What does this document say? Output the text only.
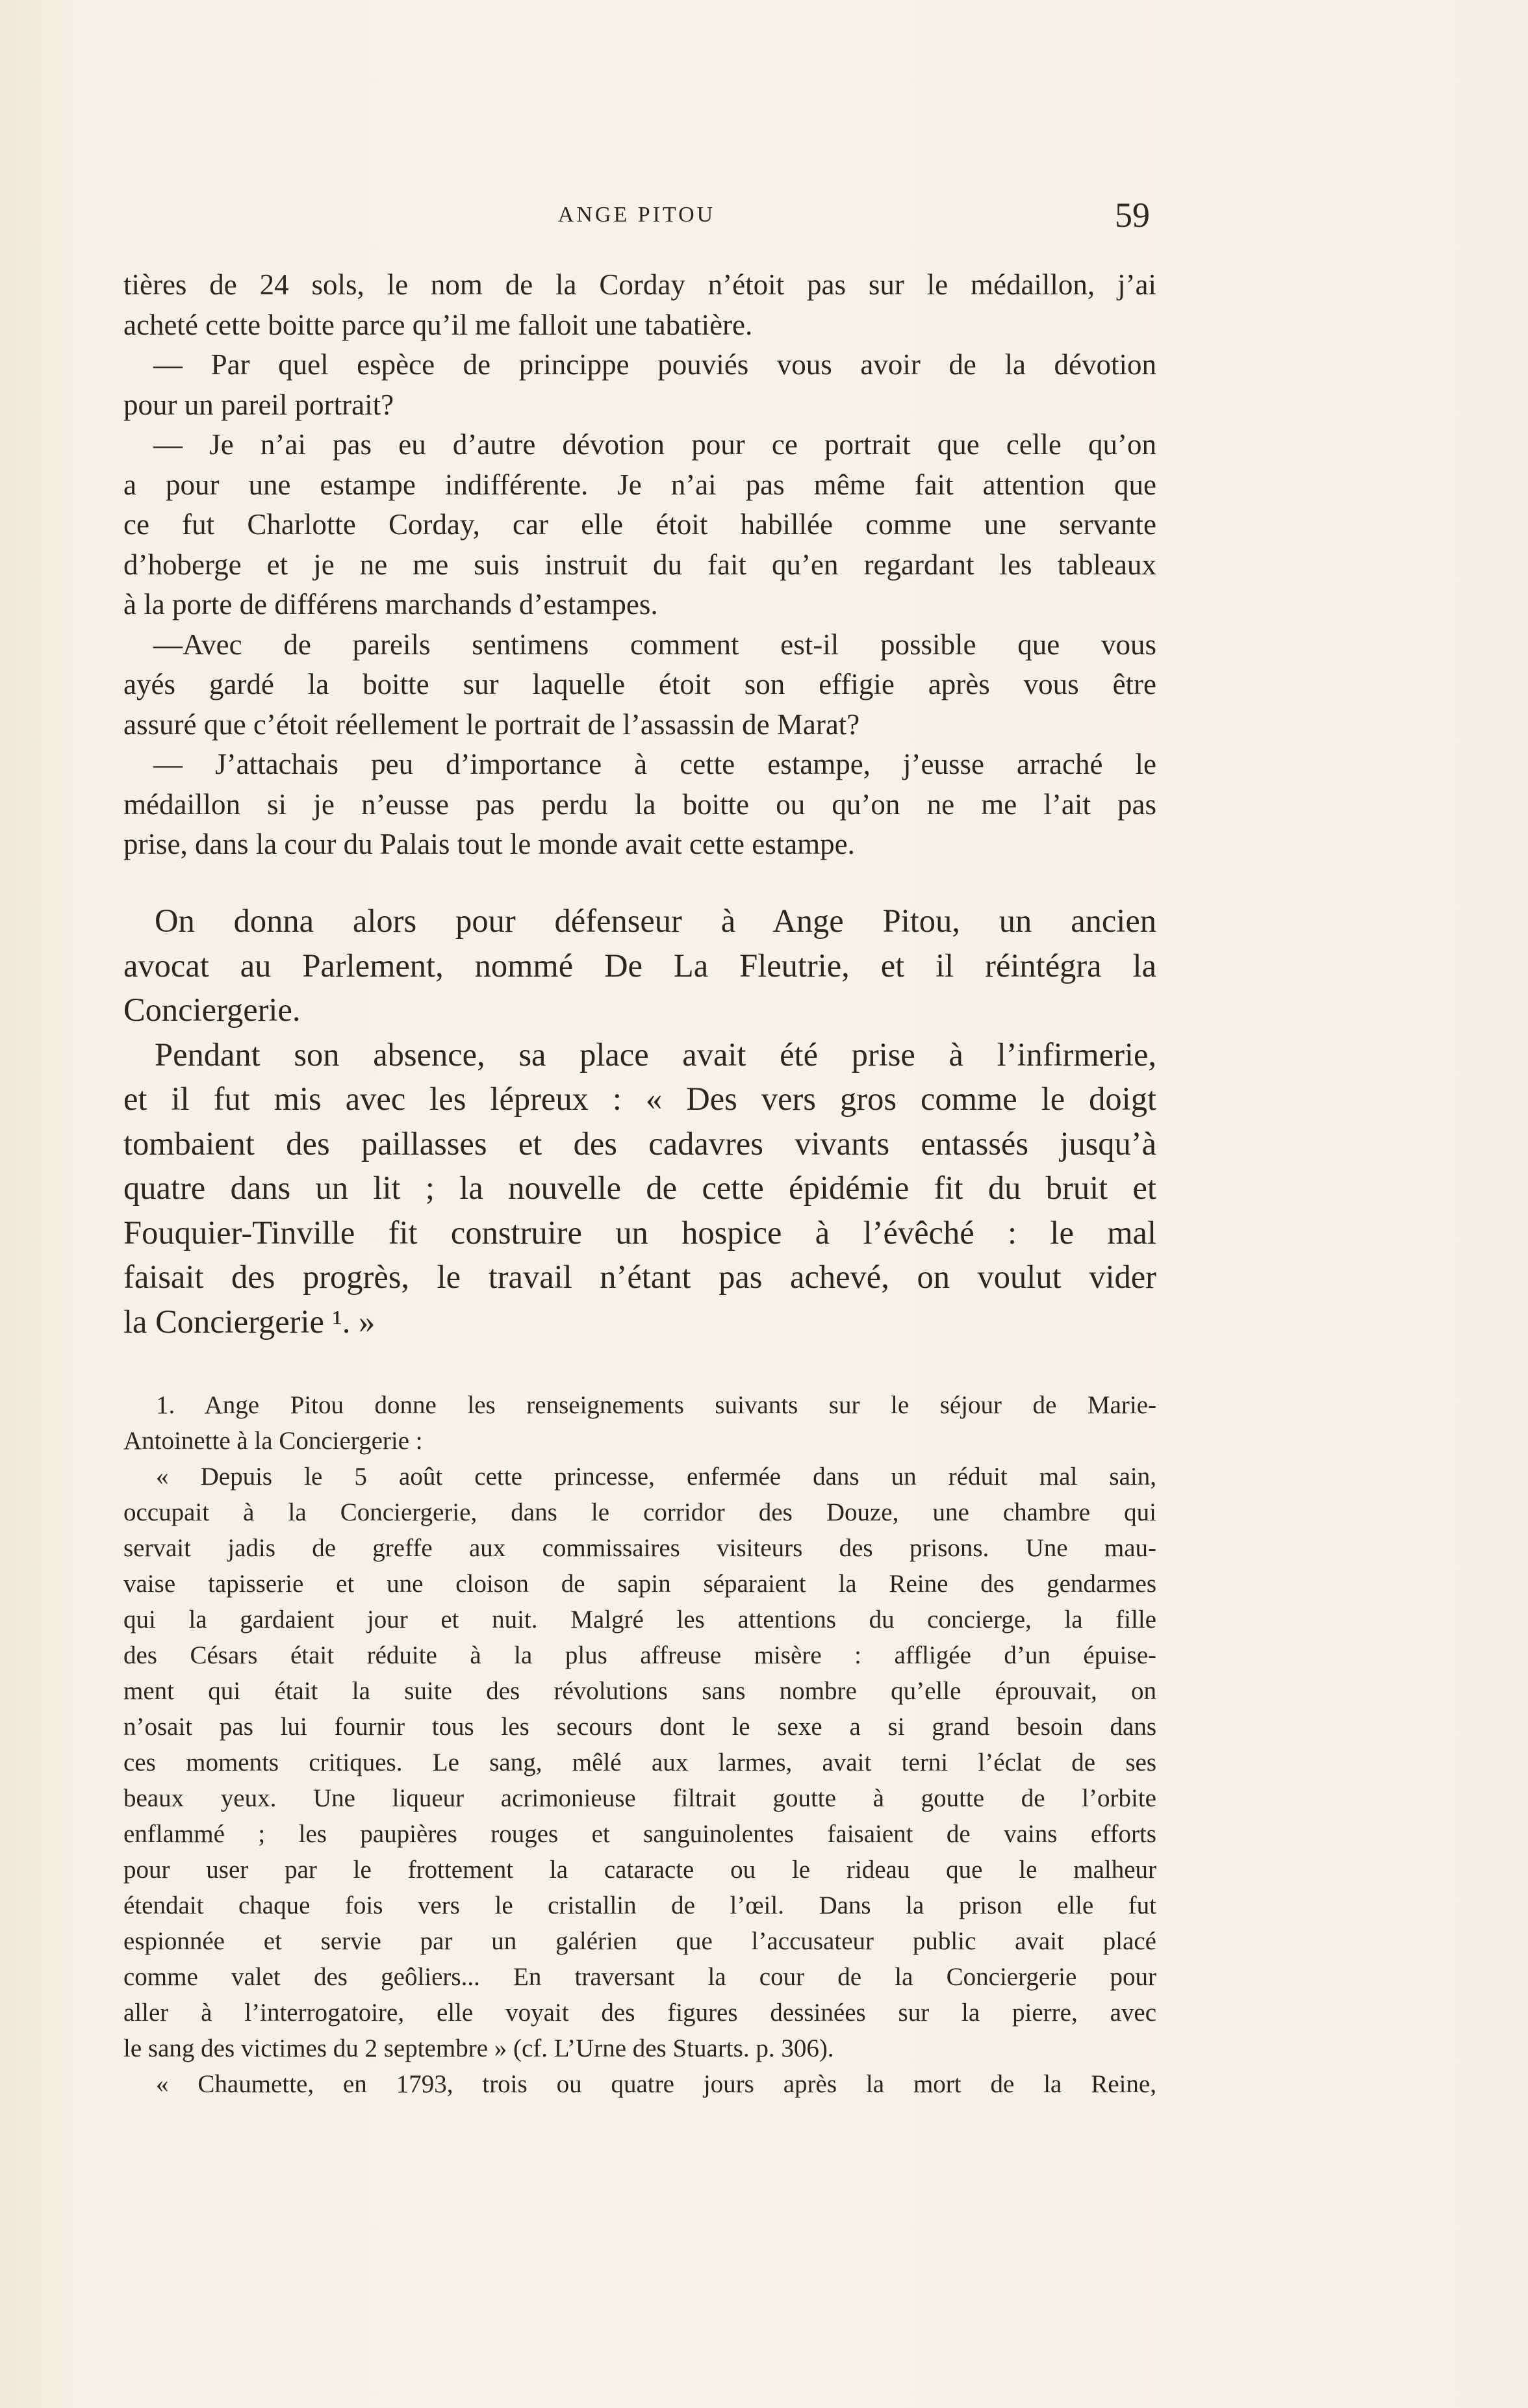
ANGE PITOU	59
tières de 24 sols, le nom de la Corday n’étoit pas sur le médaillon, j’ai
acheté cette boitte parce qu’il me falloit une tabatière.
— Par quel espèce de princippe pouviés vous avoir de la dévotion
pour un pareil portrait?
— Je n’ai pas eu d’autre dévotion pour ce portrait que celle qu’on
a pour une estampe indifférente. Je n’ai pas même fait attention que
ce fut Charlotte Corday, car elle étoit habillée comme une servante
d’hoberge et je ne me suis instruit du fait qu’en regardant les tableaux
à la porte de différens marchands d’estampes.
—Avec de pareils sentimens comment est-il possible que vous
ayés gardé la boitte sur laquelle étoit son effigie après vous être
assuré que c’étoit réellement le portrait de l’assassin de Marat?
— J’attachais peu d’importance à cette estampe, j’eusse arraché le
médaillon si je n’eusse pas perdu la boitte ou qu’on ne me l’ait pas
prise, dans la cour du Palais tout le monde avait cette estampe.
On donna alors pour défenseur à Ange Pitou, un ancien
avocat au Parlement, nommé De La Fleutrie, et il réintégra la
Conciergerie.
Pendant son absence, sa place avait été prise à l’infirmerie,
et il fut mis avec les lépreux : « Des vers gros comme le doigt
tombaient des paillasses et des cadavres vivants entassés jusqu’à
quatre dans un lit ; la nouvelle de cette épidémie fit du bruit et
Fouquier-Tinville fit construire un hospice à l’évêché : le mal
faisait des progrès, le travail n’étant pas achevé, on voulut vider
la Conciergerie ¹. »
1. Ange Pitou donne les renseignements suivants sur le séjour de Marie-
Antoinette à la Conciergerie :
« Depuis le 5 août cette princesse, enfermée dans un réduit mal sain,
occupait à la Conciergerie, dans le corridor des Douze, une chambre qui
servait jadis de greffe aux commissaires visiteurs des prisons. Une mau-
vaise tapisserie et une cloison de sapin séparaient la Reine des gendarmes
qui la gardaient jour et nuit. Malgré les attentions du concierge, la fille
des Césars était réduite à la plus affreuse misère : affligée d’un épuise-
ment qui était la suite des révolutions sans nombre qu’elle éprouvait, on
n’osait pas lui fournir tous les secours dont le sexe a si grand besoin dans
ces moments critiques. Le sang, mêlé aux larmes, avait terni l’éclat de ses
beaux yeux. Une liqueur acrimonieuse filtrait goutte à goutte de l’orbite
enflammé ; les paupières rouges et sanguinolentes faisaient de vains efforts
pour user par le frottement la cataracte ou le rideau que le malheur
étendait chaque fois vers le cristallin de l’œil. Dans la prison elle fut
espionnée et servie par un galérien que l’accusateur public avait placé
comme valet des geôliers... En traversant la cour de la Conciergerie pour
aller à l’interrogatoire, elle voyait des figures dessinées sur la pierre, avec
le sang des victimes du 2 septembre » (cf. L’Urne des Stuarts. p. 306).
« Chaumette, en 1793, trois ou quatre jours après la mort de la Reine,
